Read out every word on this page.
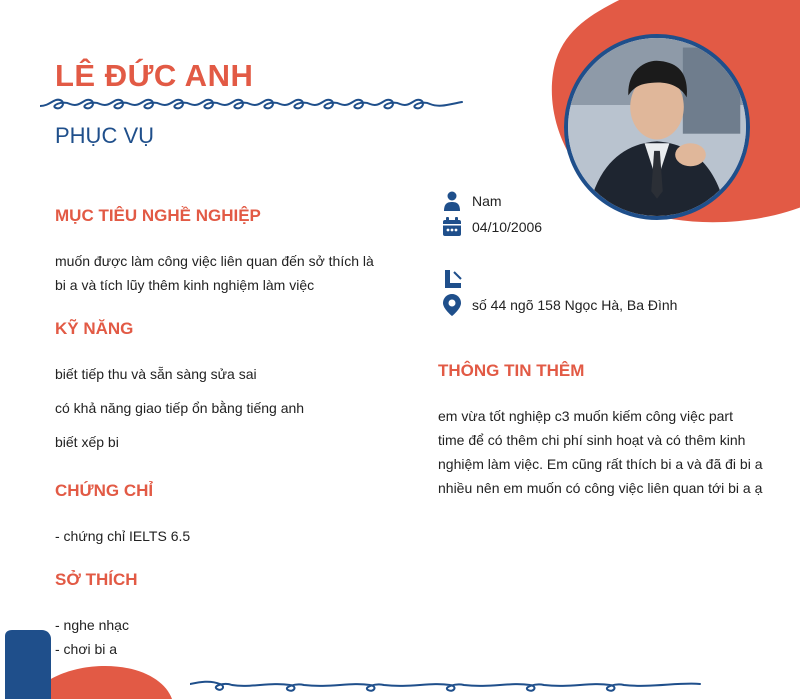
LÊ ĐỨC ANH
PHỤC VỤ
MỤC TIÊU NGHỀ NGHIỆP
muốn được làm công việc liên quan đến sở thích là
bi a và tích lũy thêm kinh nghiệm làm việc
KỸ NĂNG
biết tiếp thu và sẵn sàng sửa sai
có khả năng giao tiếp ổn bằng tiếng anh
biết xếp bi
CHỨNG CHỈ
- chứng chỉ IELTS 6.5
SỞ THÍCH
- nghe nhạc
- chơi bi a
Nam
04/10/2006
số 44 ngõ 158 Ngọc Hà, Ba Đình
THÔNG TIN THÊM
em vừa tốt nghiệp c3 muốn kiếm công việc part
time để có thêm chi phí sinh hoạt và có thêm kinh
nghiệm làm việc. Em cũng rất thích bi a và đã đi bi a
nhiều nên em muốn có công việc liên quan tới bi a ạ
